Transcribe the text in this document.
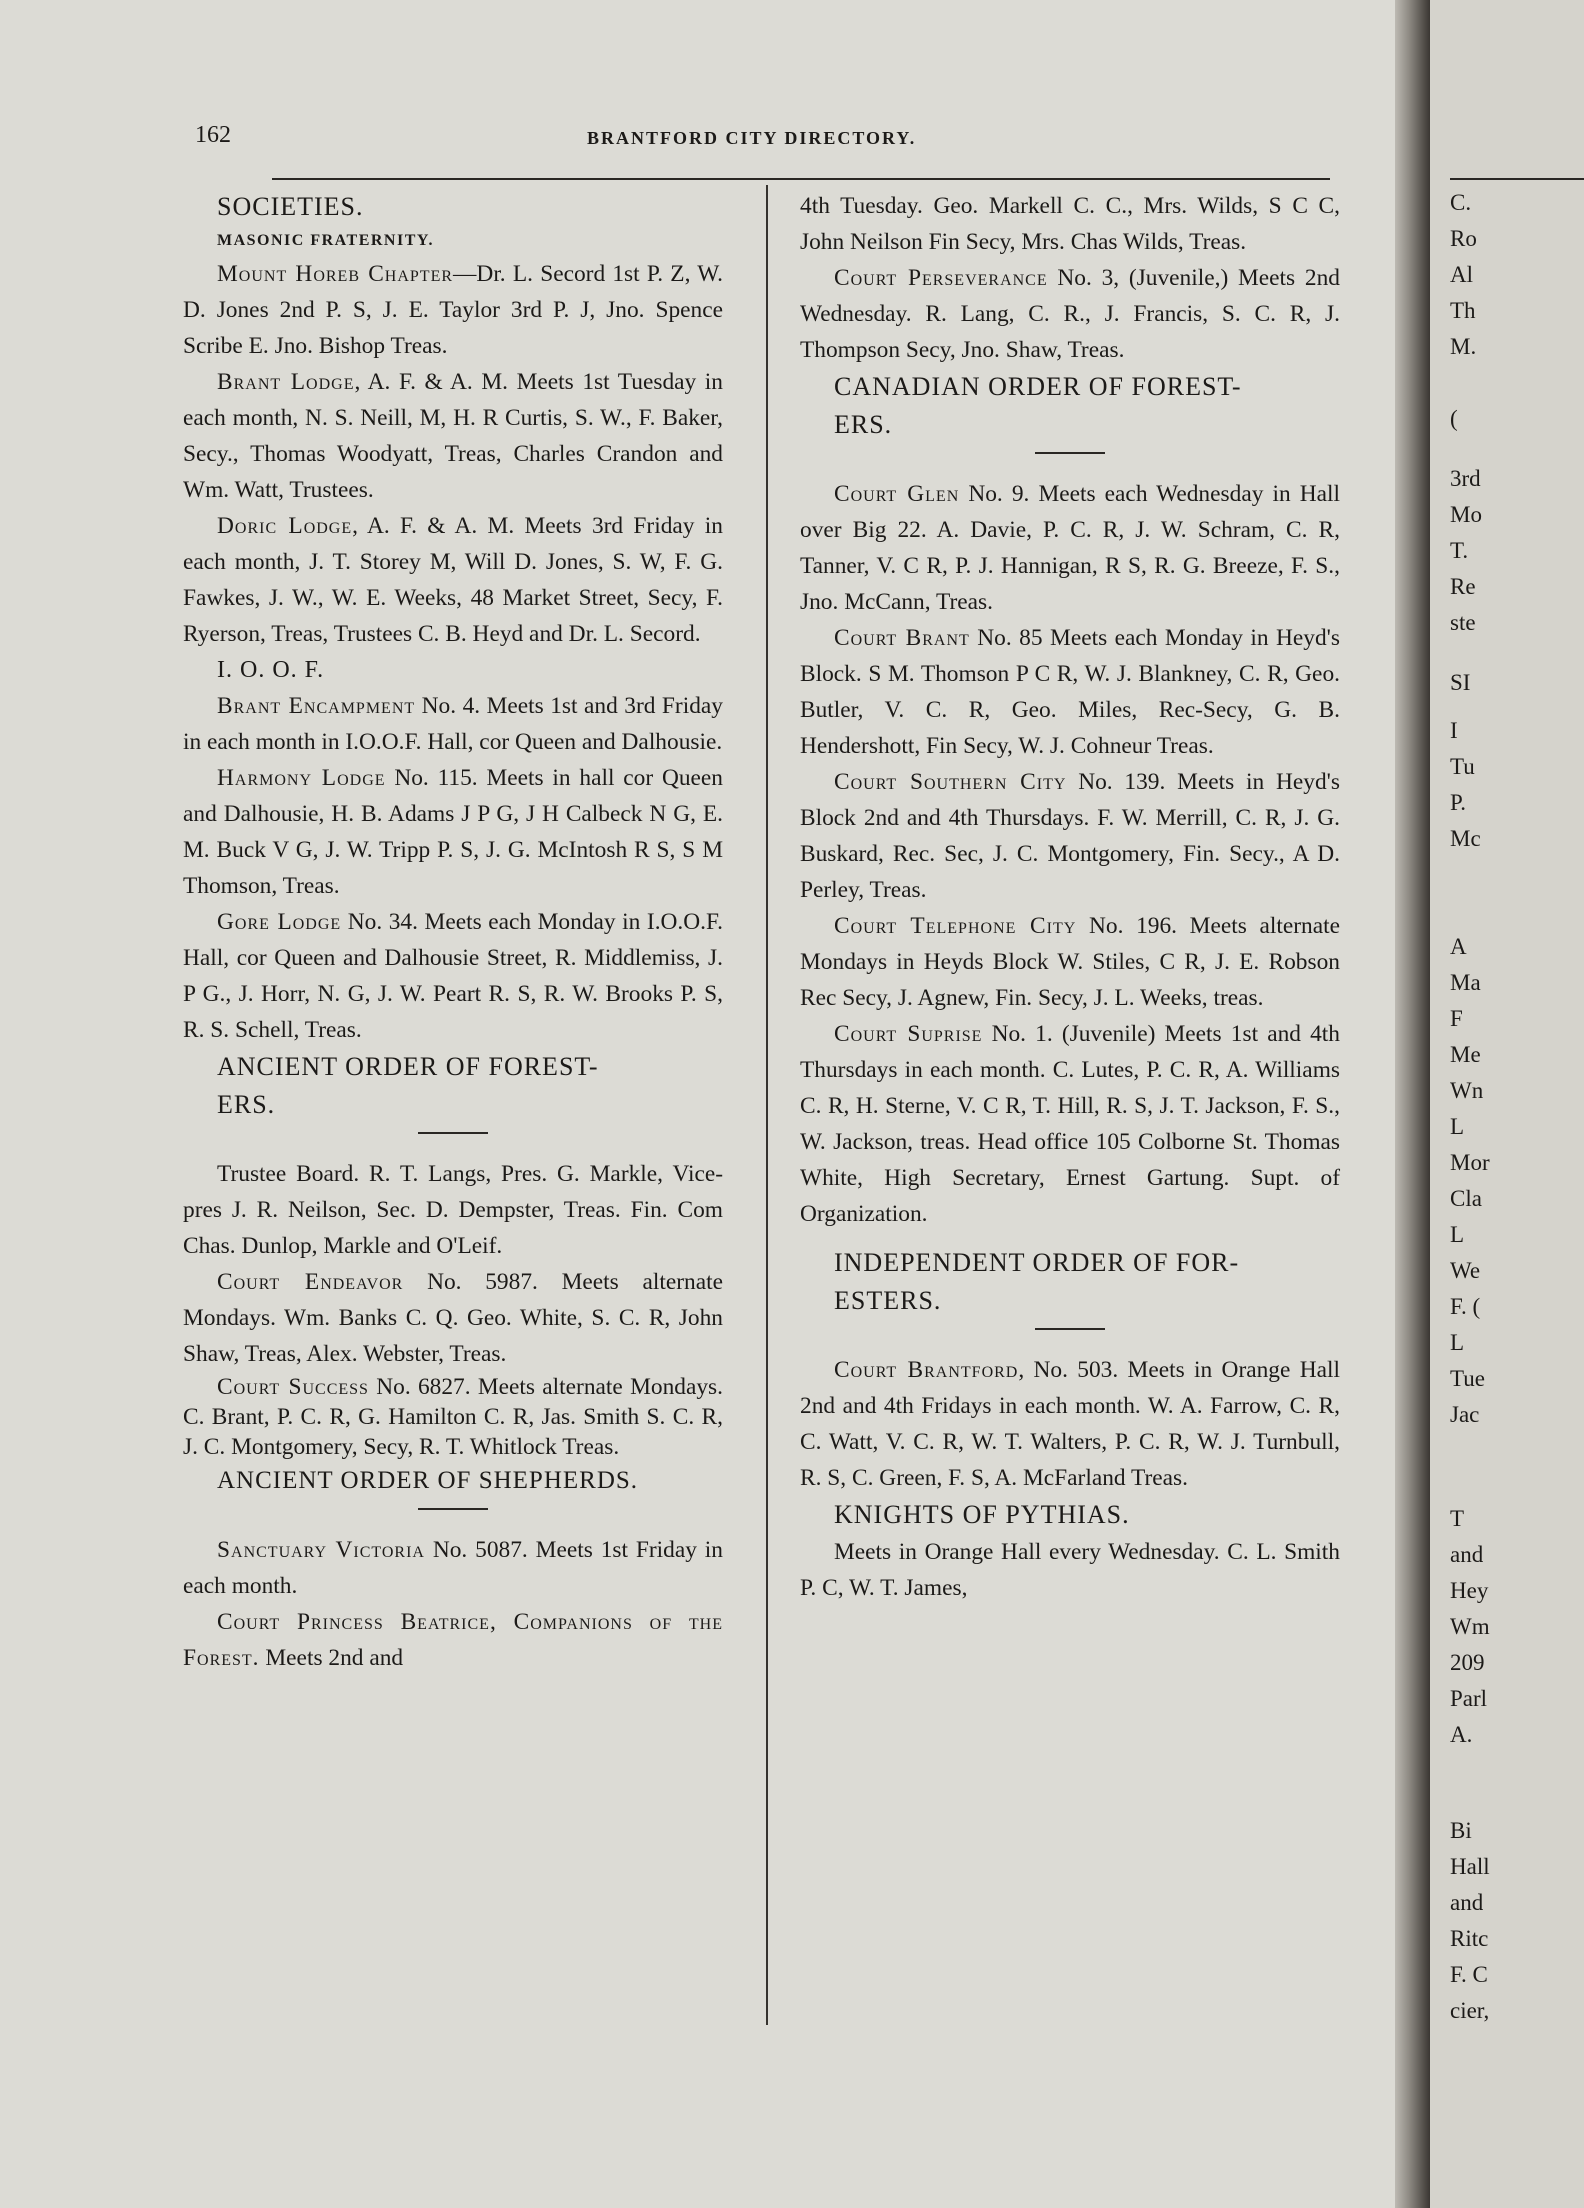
162	BRANTFORD CITY DIRECTORY.

SOCIETIES.

MASONIC FRATERNITY.

Mount Horeb Chapter—Dr. L. Secord 1st P. Z, W. D. Jones 2nd P. S, J. E. Taylor 3rd P. J, Jno. Spence Scribe E. Jno. Bishop Treas.

Brant Lodge, A. F. & A. M. Meets 1st Tuesday in each month, N. S. Neill, M, H. R Curtis, S. W., F. Baker, Secy., Thomas Woodyatt, Treas, Charles Crandon and Wm. Watt, Trustees.

Doric Lodge, A. F. & A. M. Meets 3rd Friday in each month, J. T. Storey M, Will D. Jones, S. W, F. G. Fawkes, J. W., W. E. Weeks, 48 Market Street, Secy, F. Ryerson, Treas, Trustees C. B. Heyd and Dr. L. Secord.

I. O. O. F.

Brant Encampment No. 4. Meets 1st and 3rd Friday in each month in I.O.O.F. Hall, cor Queen and Dalhousie.

Harmony Lodge No. 115. Meets in hall cor Queen and Dalhousie, H. B. Adams J P G, J H Calbeck N G, E. M. Buck V G, J. W. Tripp P. S, J. G. McIntosh R S, S M Thomson, Treas.

Gore Lodge No. 34. Meets each Monday in I.O.O.F. Hall, cor Queen and Dalhousie Street, R. Middlemiss, J. P G., J. Horr, N. G, J. W. Peart R. S, R. W. Brooks P. S, R. S. Schell, Treas.

ANCIENT ORDER OF FOREST-

ERS.

Trustee Board. R. T. Langs, Pres. G. Markle, Vice-pres J. R. Neilson, Sec. D. Dempster, Treas. Fin. Com Chas. Dunlop, Markle and O'Leif.

Court Endeavor No. 5987. Meets alternate Mondays. Wm. Banks C. Q. Geo. White, S. C. R, John Shaw, Treas, Alex. Webster, Treas.

Court Success No. 6827. Meets alternate Mondays. C. Brant, P. C. R, G. Hamilton C. R, Jas. Smith S. C. R, J. C. Montgomery, Secy, R. T. Whitlock Treas.

ANCIENT ORDER OF SHEPHERDS.

Sanctuary Victoria No. 5087. Meets 1st Friday in each month.

Court Princess Beatrice, Companions of the Forest. Meets 2nd and

4th Tuesday. Geo. Markell C. C., Mrs. Wilds, S C C, John Neilson Fin Secy, Mrs. Chas Wilds, Treas.

Court Perseverance No. 3, (Juvenile,) Meets 2nd Wednesday. R. Lang, C. R., J. Francis, S. C. R, J. Thompson Secy, Jno. Shaw, Treas.

CANADIAN ORDER OF FOREST-

ERS.

Court Glen No. 9. Meets each Wednesday in Hall over Big 22. A. Davie, P. C. R, J. W. Schram, C. R, Tanner, V. C R, P. J. Hannigan, R S, R. G. Breeze, F. S., Jno. McCann, Treas.

Court Brant No. 85 Meets each Monday in Heyd's Block. S M. Thomson P C R, W. J. Blankney, C. R, Geo. Butler, V. C. R, Geo. Miles, Rec-Secy, G. B. Hendershott, Fin Secy, W. J. Cohneur Treas.

Court Southern City No. 139. Meets in Heyd's Block 2nd and 4th Thursdays. F. W. Merrill, C. R, J. G. Buskard, Rec. Sec, J. C. Montgomery, Fin. Secy., A D. Perley, Treas.

Court Telephone City No. 196. Meets alternate Mondays in Heyds Block W. Stiles, C R, J. E. Robson Rec Secy, J. Agnew, Fin. Secy, J. L. Weeks, treas.

Court Suprise No. 1. (Juvenile) Meets 1st and 4th Thursdays in each month. C. Lutes, P. C. R, A. Williams C. R, H. Sterne, V. C R, T. Hill, R. S, J. T. Jackson, F. S., W. Jackson, treas. Head office 105 Colborne St. Thomas White, High Secretary, Ernest Gartung. Supt. of Organization.

INDEPENDENT ORDER OF FOR-

ESTERS.

Court Brantford, No. 503. Meets in Orange Hall 2nd and 4th Fridays in each month. W. A. Farrow, C. R, C. Watt, V. C. R, W. T. Walters, P. C. R, W. J. Turnbull, R. S, C. Green, F. S, A. McFarland Treas.

KNIGHTS OF PYTHIAS.

Meets in Orange Hall every Wednesday. C. L. Smith P. C, W. T. James,

C.
Ro
Al
Th
M.
(
3rd
Mo
T.
Re
ste
SI
I
Tu
P.
Mc
A
Ma
F
Me
Wn
L
Mor
Cla
L
We
F. (
L
Tue
Jac
T
and
Hey
Wm
209
Parl
A.
Bi
Hall
and
Ritc
F. C
cier,
